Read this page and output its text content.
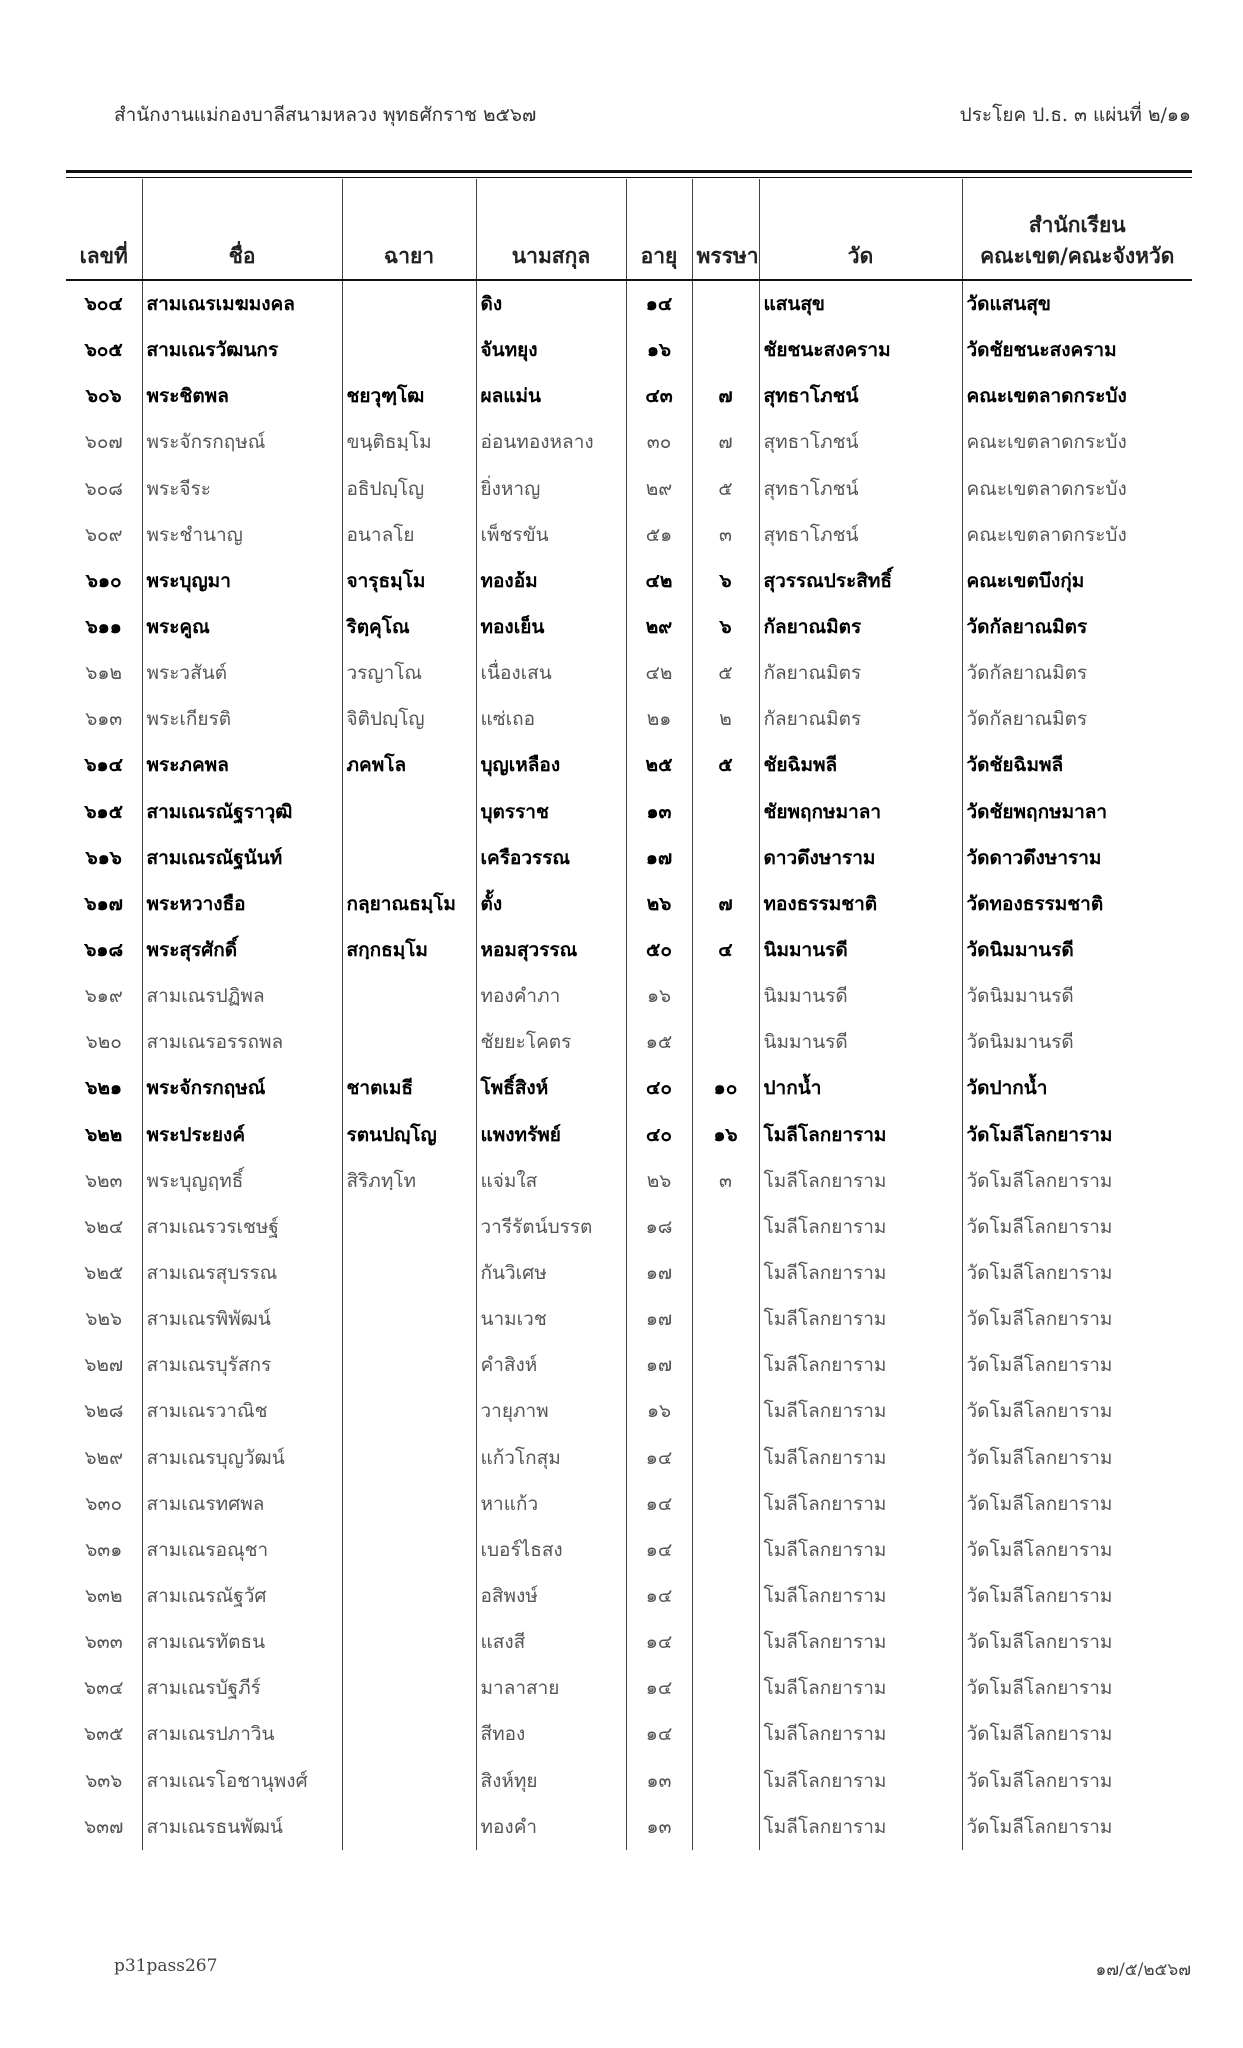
สำนักงานแม่กองบาลีสนามหลวง พุทธศักราช ๒๕๖๗	ประโยค ป.ธ. ๓ แผ่นที่ ๒/๑๑
เลขที่	ชื่อ	ฉายา	นามสกุล	อายุ	พรรษา	วัด	สำนักเรียน
คณะเขต/คณะจังหวัด

๖๐๔	สามเณรเมฆมงคล		ดิง	๑๔		แสนสุข	วัดแสนสุข
๖๐๕	สามเณรวัฒนกร		จันทยุง	๑๖		ชัยชนะสงคราม	วัดชัยชนะสงคราม
๖๐๖	พระชิตพล	ชยวุฑฺโฒ	ผลแม่น	๔๓	๗	สุทธาโภชน์	คณะเขตลาดกระบัง
๖๐๗	พระจักรกฤษณ์	ขนฺติธมฺโม	อ่อนทองหลาง	๓๐	๗	สุทธาโภชน์	คณะเขตลาดกระบัง
๖๐๘	พระจีระ	อธิปญฺโญ	ยิ่งหาญ	๒๙	๕	สุทธาโภชน์	คณะเขตลาดกระบัง
๖๐๙	พระชำนาญ	อนาลโย	เพ็ชรขัน	๕๑	๓	สุทธาโภชน์	คณะเขตลาดกระบัง
๖๑๐	พระบุญมา	จารุธมฺโม	ทองอ้ม	๔๒	๖	สุวรรณประสิทธิ์	คณะเขตบึงกุ่ม
๖๑๑	พระคูณ	ริตฺคุโณ	ทองเย็น	๒๙	๖	กัลยาณมิตร	วัดกัลยาณมิตร
๖๑๒	พระวสันต์	วรญาโณ	เนื่องเสน	๔๒	๕	กัลยาณมิตร	วัดกัลยาณมิตร
๖๑๓	พระเกียรติ	จิติปญฺโญ	แซ่เถอ	๒๑	๒	กัลยาณมิตร	วัดกัลยาณมิตร
๖๑๔	พระภคพล	ภคพโล	บุญเหลือง	๒๕	๕	ชัยฉิมพลี	วัดชัยฉิมพลี
๖๑๕	สามเณรณัฐราวุฒิ		บุตรราช	๑๓		ชัยพฤกษมาลา	วัดชัยพฤกษมาลา
๖๑๖	สามเณรณัฐนันท์		เครือวรรณ	๑๗		ดาวดึงษาราม	วัดดาวดึงษาราม
๖๑๗	พระหวางธือ	กลฺยาณธมฺโม	ตั้ง	๒๖	๗	ทองธรรมชาติ	วัดทองธรรมชาติ
๖๑๘	พระสุรศักดิ์	สกฺกธมฺโม	หอมสุวรรณ	๕๐	๔	นิมมานรดี	วัดนิมมานรดี
๖๑๙	สามเณรปฏิพล		ทองคำภา	๑๖		นิมมานรดี	วัดนิมมานรดี
๖๒๐	สามเณรอรรถพล		ชัยยะโคตร	๑๕		นิมมานรดี	วัดนิมมานรดี
๖๒๑	พระจักรกฤษณ์	ชาตเมธี	โพธิ์สิงห์	๔๐	๑๐	ปากน้ำ	วัดปากน้ำ
๖๒๒	พระประยงค์	รตนปญฺโญ	แพงทรัพย์	๔๐	๑๖	โมลีโลกยาราม	วัดโมลีโลกยาราม
๖๒๓	พระบุญฤทธิ์	สิริภทฺโท	แจ่มใส	๒๖	๓	โมลีโลกยาราม	วัดโมลีโลกยาราม
๖๒๔	สามเณรวรเชษฐ์		วารีรัตน์บรรต	๑๘		โมลีโลกยาราม	วัดโมลีโลกยาราม
๖๒๕	สามเณรสุบรรณ		กันวิเศษ	๑๗		โมลีโลกยาราม	วัดโมลีโลกยาราม
๖๒๖	สามเณรพิพัฒน์		นามเวช	๑๗		โมลีโลกยาราม	วัดโมลีโลกยาราม
๖๒๗	สามเณรบุรัสกร		คำสิงห์	๑๗		โมลีโลกยาราม	วัดโมลีโลกยาราม
๖๒๘	สามเณรวาณิช		วายุภาพ	๑๖		โมลีโลกยาราม	วัดโมลีโลกยาราม
๖๒๙	สามเณรบุญวัฒน์		แก้วโกสุม	๑๔		โมลีโลกยาราม	วัดโมลีโลกยาราม
๖๓๐	สามเณรทศพล		หาแก้ว	๑๔		โมลีโลกยาราม	วัดโมลีโลกยาราม
๖๓๑	สามเณรอณุชา		เบอร์ไธสง	๑๔		โมลีโลกยาราม	วัดโมลีโลกยาราม
๖๓๒	สามเณรณัฐวัศ		อสิพงษ์	๑๔		โมลีโลกยาราม	วัดโมลีโลกยาราม
๖๓๓	สามเณรทัตธน		แสงสี	๑๔		โมลีโลกยาราม	วัดโมลีโลกยาราม
๖๓๔	สามเณรบัฐภีร์		มาลาสาย	๑๔		โมลีโลกยาราม	วัดโมลีโลกยาราม
๖๓๕	สามเณรปภาวิน		สีทอง	๑๔		โมลีโลกยาราม	วัดโมลีโลกยาราม
๖๓๖	สามเณรโอชานุพงศ์		สิงห์ทุย	๑๓		โมลีโลกยาราม	วัดโมลีโลกยาราม
๖๓๗	สามเณรธนพัฒน์		ทองคำ	๑๓		โมลีโลกยาราม	วัดโมลีโลกยาราม
p31pass267	๑๗/๕/๒๕๖๗
